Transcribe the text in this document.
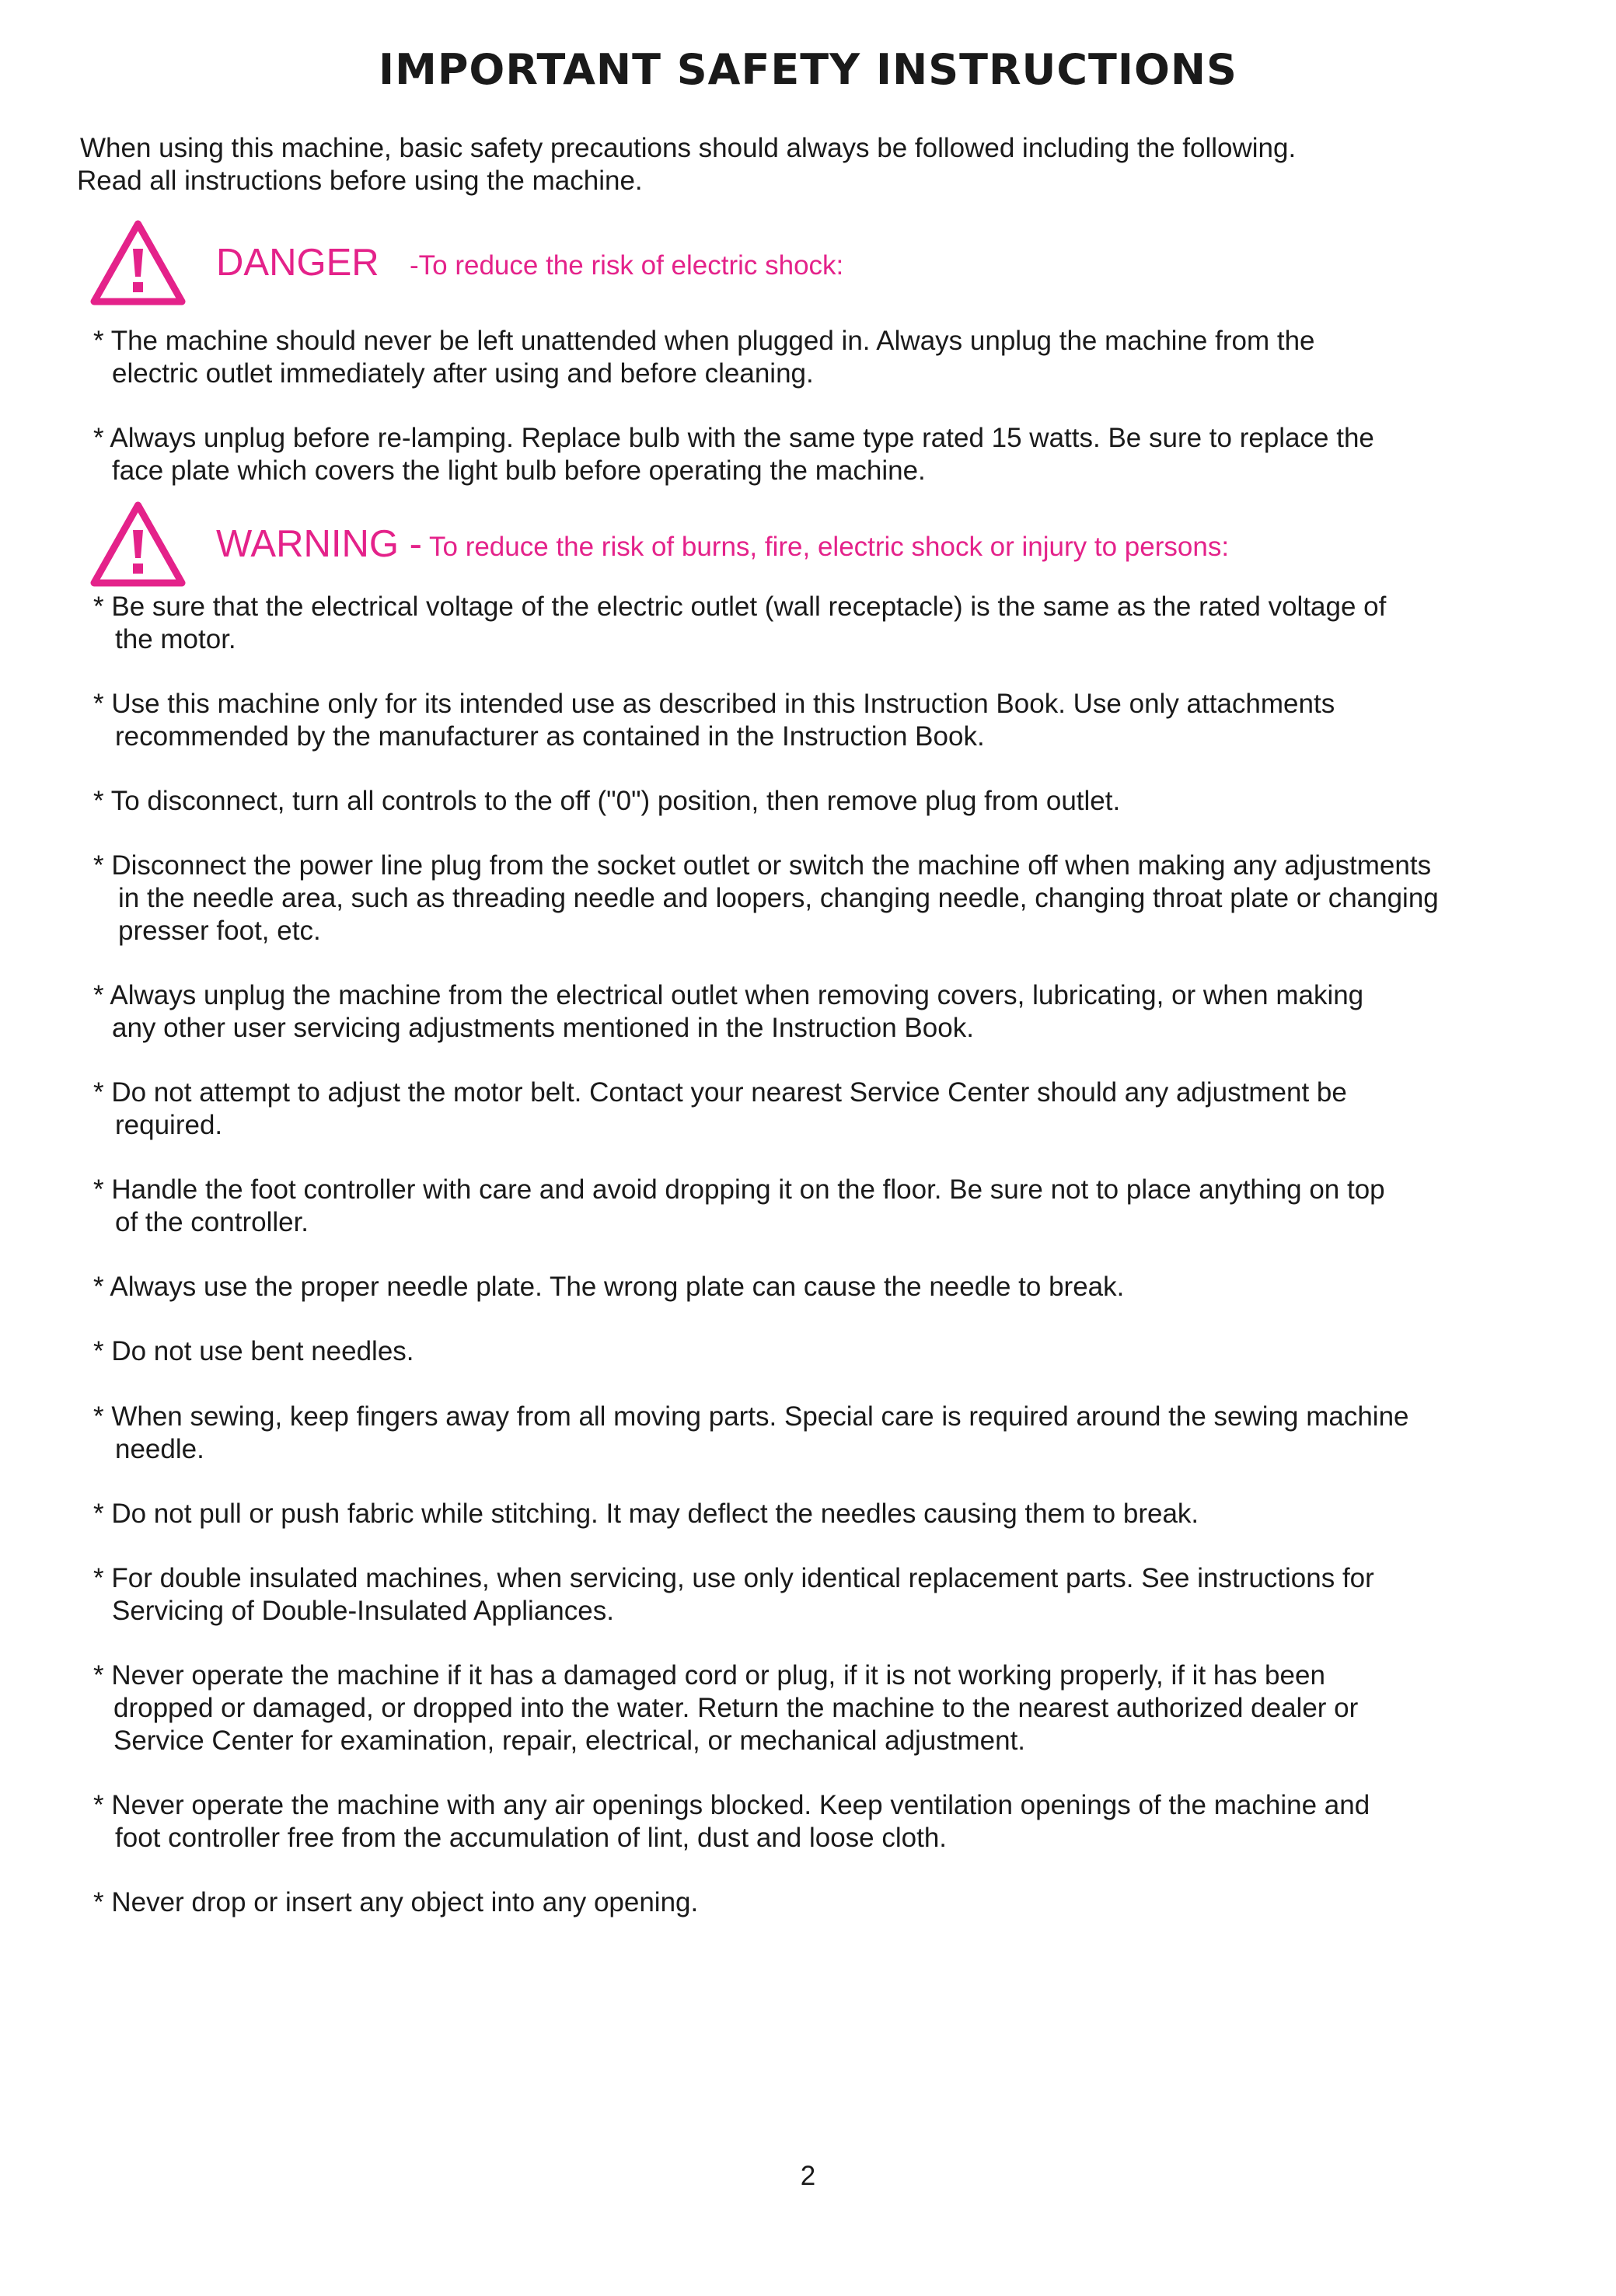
IMPORTANT SAFETY INSTRUCTIONS

When using this machine, basic safety precautions should always be followed including the following.

Read all instructions before using the machine.

DANGER -To reduce the risk of electric shock:

* The machine should never be left unattended when plugged in. Always unplug the machine from the
electric outlet immediately after using and before cleaning.

* Always unplug before re-lamping. Replace bulb with the same type rated 15 watts. Be sure to replace the
face plate which covers the light bulb before operating the machine.

WARNING - To reduce the risk of burns, fire, electric shock or injury to persons:

* Be sure that the electrical voltage of the electric outlet (wall receptacle) is the same as the rated voltage of
the motor.

* Use this machine only for its intended use as described in this Instruction Book. Use only attachments
recommended by the manufacturer as contained in the Instruction Book.

* To disconnect, turn all controls to the off ("0") position, then remove plug from outlet.

* Disconnect the power line plug from the socket outlet or switch the machine off when making any adjustments
in the needle area, such as threading needle and loopers, changing needle, changing throat plate or changing
presser foot, etc.

* Always unplug the machine from the electrical outlet when removing covers, lubricating, or when making
any other user servicing adjustments mentioned in the Instruction Book.

* Do not attempt to adjust the motor belt. Contact your nearest Service Center should any adjustment be
required.

* Handle the foot controller with care and avoid dropping it on the floor. Be sure not to place anything on top
of the controller.

* Always use the proper needle plate. The wrong plate can cause the needle to break.

* Do not use bent needles.

* When sewing, keep fingers away from all moving parts. Special care is required around the sewing machine
needle.

* Do not pull or push fabric while stitching. It may deflect the needles causing them to break.

* For double insulated machines, when servicing, use only identical replacement parts. See instructions for
Servicing of Double-Insulated Appliances.

* Never operate the machine if it has a damaged cord or plug, if it is not working properly, if it has been
dropped or damaged, or dropped into the water. Return the machine to the nearest authorized dealer or
Service Center for examination, repair, electrical, or mechanical adjustment.

* Never operate the machine with any air openings blocked. Keep ventilation openings of the machine and
foot controller free from the accumulation of lint, dust and loose cloth.

* Never drop or insert any object into any opening.

2
